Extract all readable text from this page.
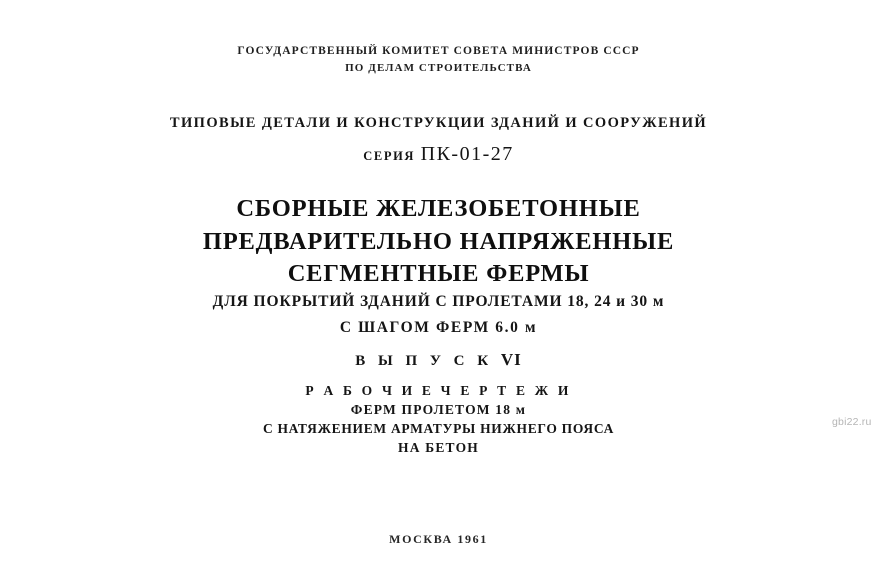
ГОСУДАРСТВЕННЫЙ КОМИТЕТ СОВЕТА МИНИСТРОВ СССР
ПО ДЕЛАМ СТРОИТЕЛЬСТВА
ТИПОВЫЕ ДЕТАЛИ И КОНСТРУКЦИИ ЗДАНИЙ И СООРУЖЕНИЙ
СЕРИЯ ПК-01-27
СБОРНЫЕ ЖЕЛЕЗОБЕТОННЫЕ
ПРЕДВАРИТЕЛЬНО НАПРЯЖЕННЫЕ
СЕГМЕНТНЫЕ ФЕРМЫ
ДЛЯ ПОКРЫТИЙ ЗДАНИЙ С ПРОЛЕТАМИ 18, 24 и 30 м
С ШАГОМ ФЕРМ 6.0 м
В Ы П У С К VI
Р А Б О Ч И Е Ч Е Р Т Е Ж И
ФЕРМ ПРОЛЕТОМ 18 м
С НАТЯЖЕНИЕМ АРМАТУРЫ НИЖНЕГО ПОЯСА
НА БЕТОН
МОСКВА 1961
gbi22.ru
